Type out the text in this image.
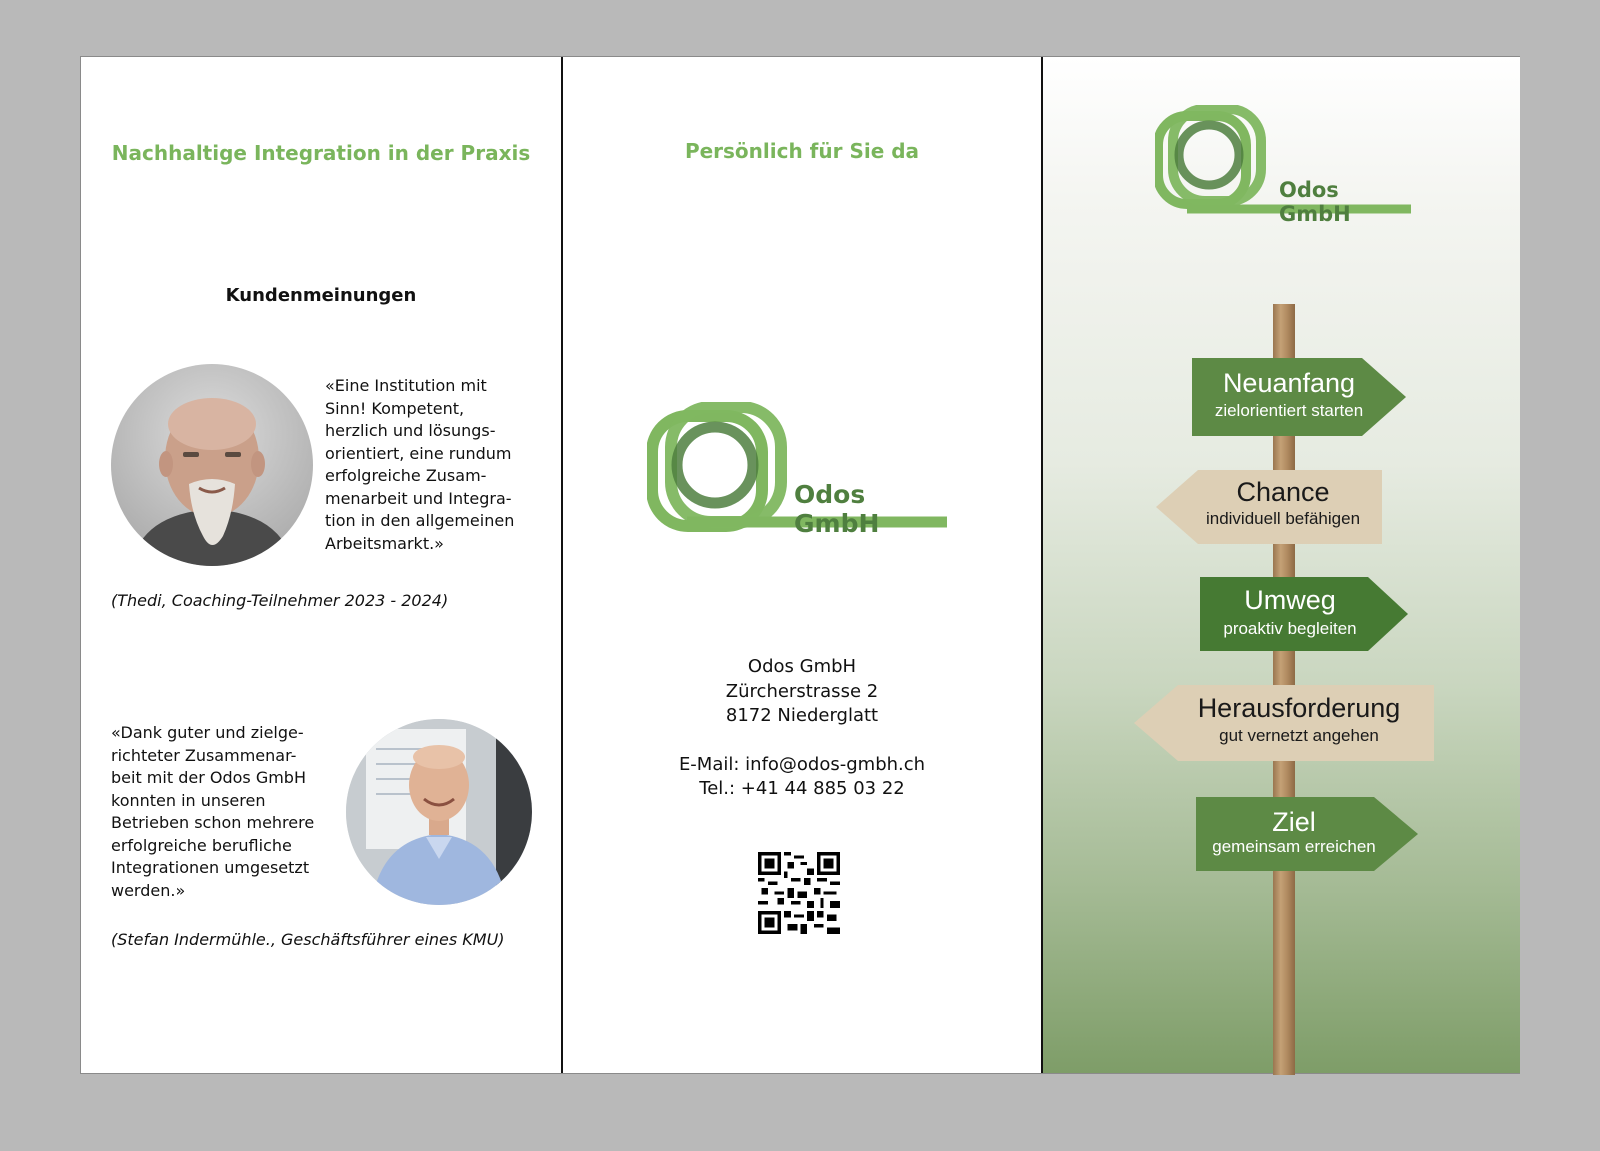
Nachhaltige Integration in der Praxis
Kundenmeinungen

«Eine Institution mit
Sinn! Kompetent,
herzlich und lösungs-
orientiert, eine rundum
erfolgreiche Zusam-
menarbeit und Integra-
tion in den allgemeinen
Arbeitsmarkt.»

(Thedi, Coaching-Teilnehmer 2023 - 2024)

«Dank guter und zielge-
richteter Zusammenar-
beit mit der Odos GmbH
konnten in unseren
Betrieben schon mehrere
erfolgreiche berufliche
Integrationen umgesetzt
werden.»

(Stefan Indermühle., Geschäftsführer eines KMU)
Persönlich für Sie da
Odos GmbH
Odos GmbH
Zürcherstrasse 2
8172 Niederglatt
E-Mail: info@odos-gmbh.ch
Tel.: +41 44 885 03 22
Odos GmbH
Neuanfang
zielorientiert starten
Chance
individuell befähigen
Umweg
proaktiv begleiten
Herausforderung
gut vernetzt angehen
Ziel
gemeinsam erreichen
